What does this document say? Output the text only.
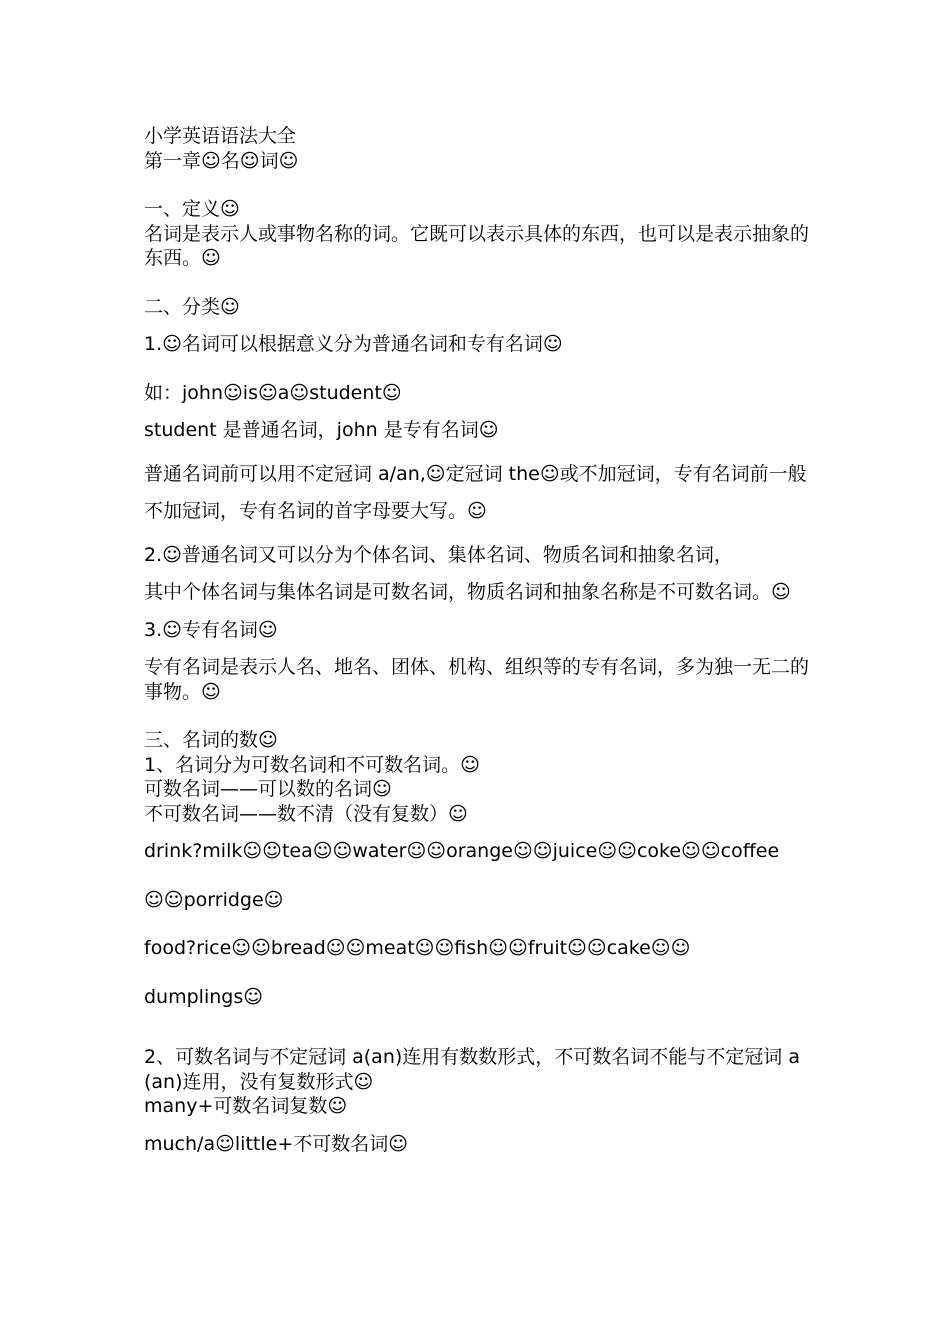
小学英语语法大全

第一章☺名☺词☺

一、定义☺

名词是表示人或事物名称的词。它既可以表示具体的东西，也可以是表示抽象的东西。☺

二、分类☺

1.☺名词可以根据意义分为普通名词和专有名词☺

如：john☺is☺a☺student☺

student 是普通名词，john 是专有名词☺

普通名词前可以用不定冠词 a/an,☺定冠词 the☺或不加冠词，专有名词前一般不加冠词，专有名词的首字母要大写。☺

2.☺普通名词又可以分为个体名词、集体名词、物质名词和抽象名词，

其中个体名词与集体名词是可数名词，物质名词和抽象名称是不可数名词。☺

3.☺专有名词☺

专有名词是表示人名、地名、团体、机构、组织等的专有名词，多为独一无二的事物。☺

三、名词的数☺

1、名词分为可数名词和不可数名词。☺

可数名词——可以数的名词☺

不可数名词——数不清（没有复数）☺

drink?milk☺☺tea☺☺water☺☺orange☺☺juice☺☺coke☺☺coffee

☺☺porridge☺

food?rice☺☺bread☺☺meat☺☺fish☺☺fruit☺☺cake☺☺

dumplings☺

2、可数名词与不定冠词 a(an)连用有数数形式，不可数名词不能与不定冠词 a(an)连用，没有复数形式☺

many+可数名词复数☺

much/a☺little+不可数名词☺
